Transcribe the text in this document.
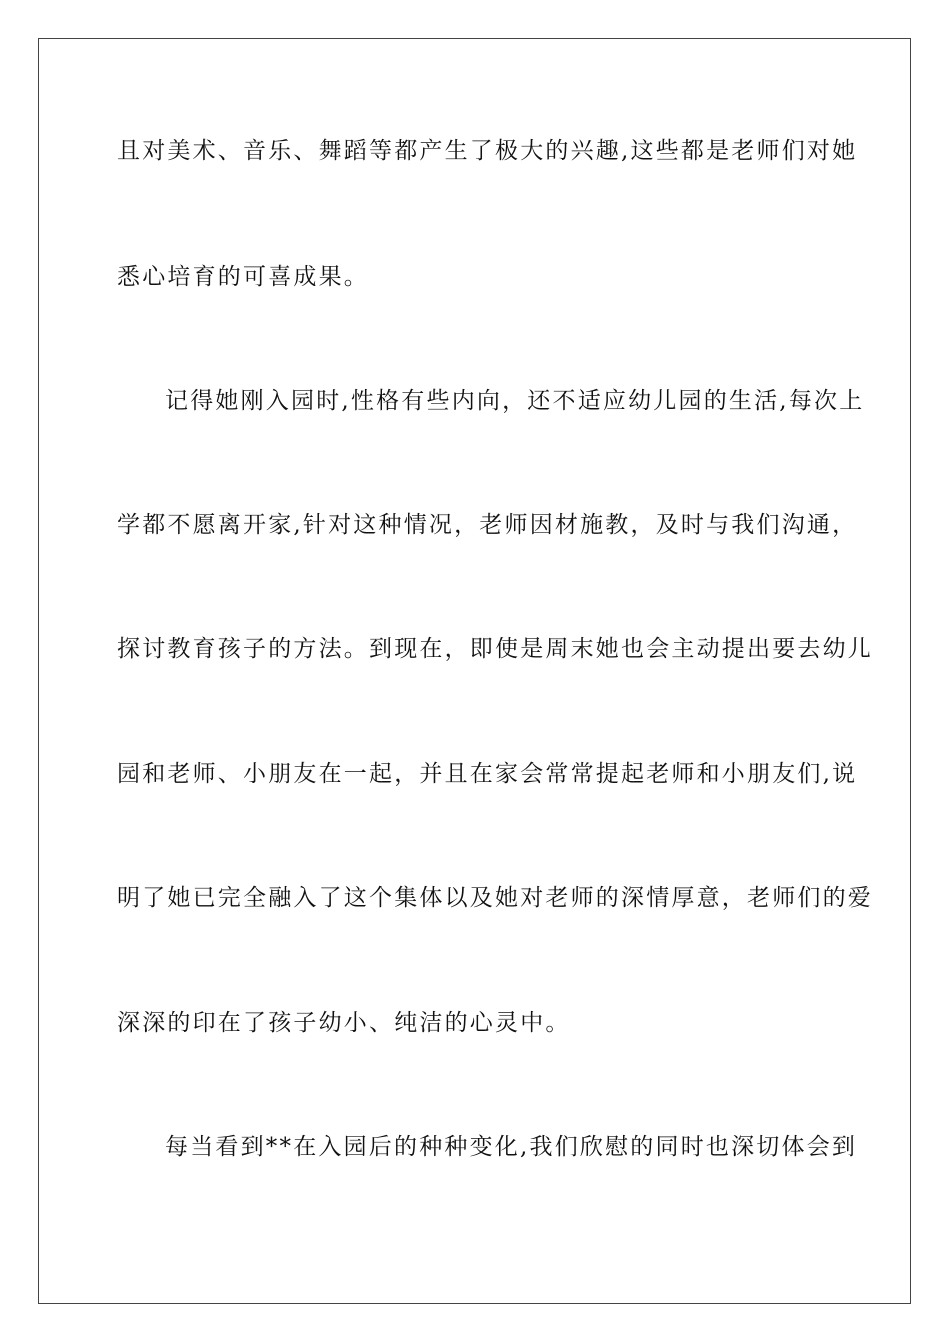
且对美术、音乐、舞蹈等都产生了极大的兴趣,这些都是老师们对她

悉心培育的可喜成果。

记得她刚入园时,性格有些内向，还不适应幼儿园的生活,每次上

学都不愿离开家,针对这种情况，老师因材施教，及时与我们沟通，

探讨教育孩子的方法。到现在，即使是周末她也会主动提出要去幼儿

园和老师、小朋友在一起，并且在家会常常提起老师和小朋友们,说

明了她已完全融入了这个集体以及她对老师的深情厚意，老师们的爱

深深的印在了孩子幼小、纯洁的心灵中。

每当看到**在入园后的种种变化,我们欣慰的同时也深切体会到
